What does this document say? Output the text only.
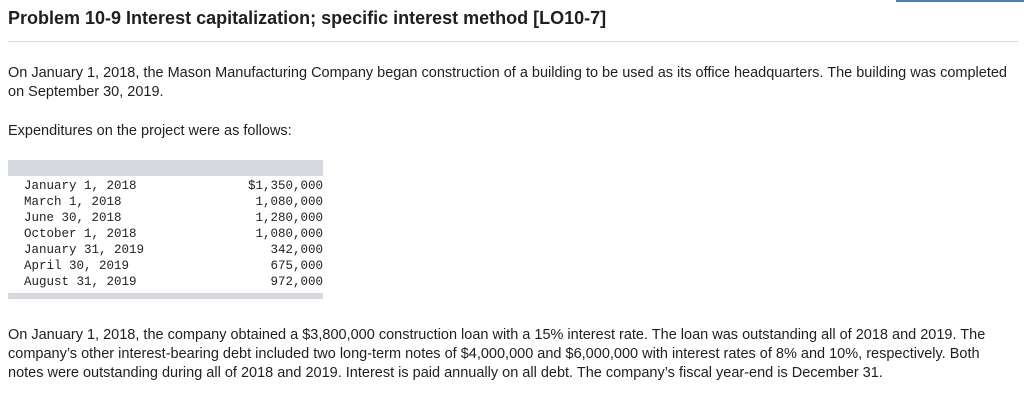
Problem 10-9 Interest capitalization; specific interest method [LO10-7]
On January 1, 2018, the Mason Manufacturing Company began construction of a building to be used as its office headquarters. The building was completed on September 30, 2019.
Expenditures on the project were as follows:
January 1, 2018	$1,350,000
March 1, 2018	1,080,000
June 30, 2018	1,280,000
October 1, 2018	1,080,000
January 31, 2019	342,000
April 30, 2019	675,000
August 31, 2019	972,000
On January 1, 2018, the company obtained a $3,800,000 construction loan with a 15% interest rate. The loan was outstanding all of 2018 and 2019. The company’s other interest-bearing debt included two long-term notes of $4,000,000 and $6,000,000 with interest rates of 8% and 10%, respectively. Both notes were outstanding during all of 2018 and 2019. Interest is paid annually on all debt. The company’s fiscal year-end is December 31.
